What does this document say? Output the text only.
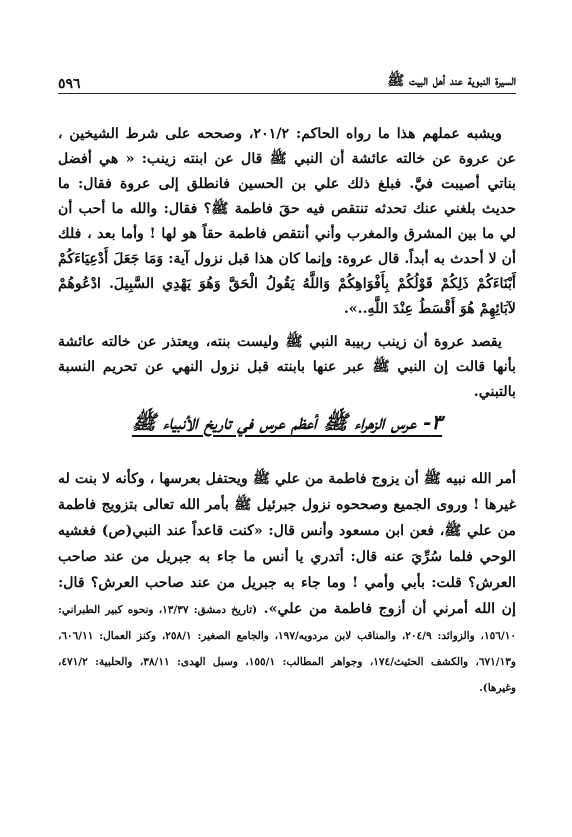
السيرة النبوية عند أهل البيت ﷺ
٥٩٦

ويشبه عملهم هذا ما رواه الحاكم: ٢٠١/٢، وصححه على شرط الشيخين ، عن عروة عن خالته عائشة أن النبي ﷺ قال عن ابنته زينب: « هي أفضل بناتي أصيبت فيَّ. فبلغ ذلك علي بن الحسين فانطلق إلى عروة فقال: ما حديث بلغني عنك تحدثه تنتقص فيه حقَ فاطمة ﷺ؟ فقال: والله ما أحب أن لي ما بين المشرق والمغرب وأني أنتقص فاطمة حقاً هو لها ! وأما بعد ، فلك أن لا أحدث به أبداً. قال عروة: وإنما كان هذا قبل نزول آية: وَمَا جَعَلَ أَدْعِيَاءَكُمْ أَبْنَاءَكُمْ ذَلِكُمْ قَوْلُكُمْ بِأَفْوَاهِكُمْ وَاللَّهُ يَقُولُ الْحَقَّ وَهُوَ يَهْدِي السَّبِيلَ. ادْعُوهُمْ لآبَائِهِمْ هُوَ أَقْسَطُ عِنْدَ اللَّهِ..».

يقصد عروة أن زينب ربيبة النبي ﷺ وليست بنته، ويعتذر عن خالته عائشة بأنها قالت إن النبي ﷺ عبر عنها بابنته قبل نزول النهي عن تحريم النسبة بالتبني.

٣- عرس الزهراء ﷺ أعظم عرس في تاريخ الأنبياء ﷺ

أمر الله نبيه ﷺ أن يزوج فاطمة من علي ﷺ ويحتفل بعرسها ، وكأنه لا بنت له غيرها ! وروى الجميع وصححوه نزول جبرئيل ﷺ بأمر الله تعالى بتزويج فاطمة من علي ﷺ، فعن ابن مسعود وأنس قال: «كنت قاعداً عند النبي(ص) فغشيه الوحي فلما سُرِّيَ عنه قال: أتدري يا أنس ما جاء به جبريل من عند صاحب العرش؟ قلت: بأبي وأمي ! وما جاء به جبريل من عند صاحب العرش؟ قال: إن الله أمرني أن أزوج فاطمة من علي». (تاريخ دمشق: ١٣/٣٧، ونحوه كبير الطبراني: ١٥٦/١٠، والزوائد: ٢٠٤/٩، والمناقب لابن مردويه/١٩٧، والجامع الصغير: ٢٥٨/١، وكنز العمال: ٦٠٦/١١، و٦٧١/١٣، والكشف الحثيث/١٧٤، وجواهر المطالب: ١٥٥/١، وسبل الهدى: ٣٨/١١، والحلبية: ٤٧١/٢، وغيرها).
